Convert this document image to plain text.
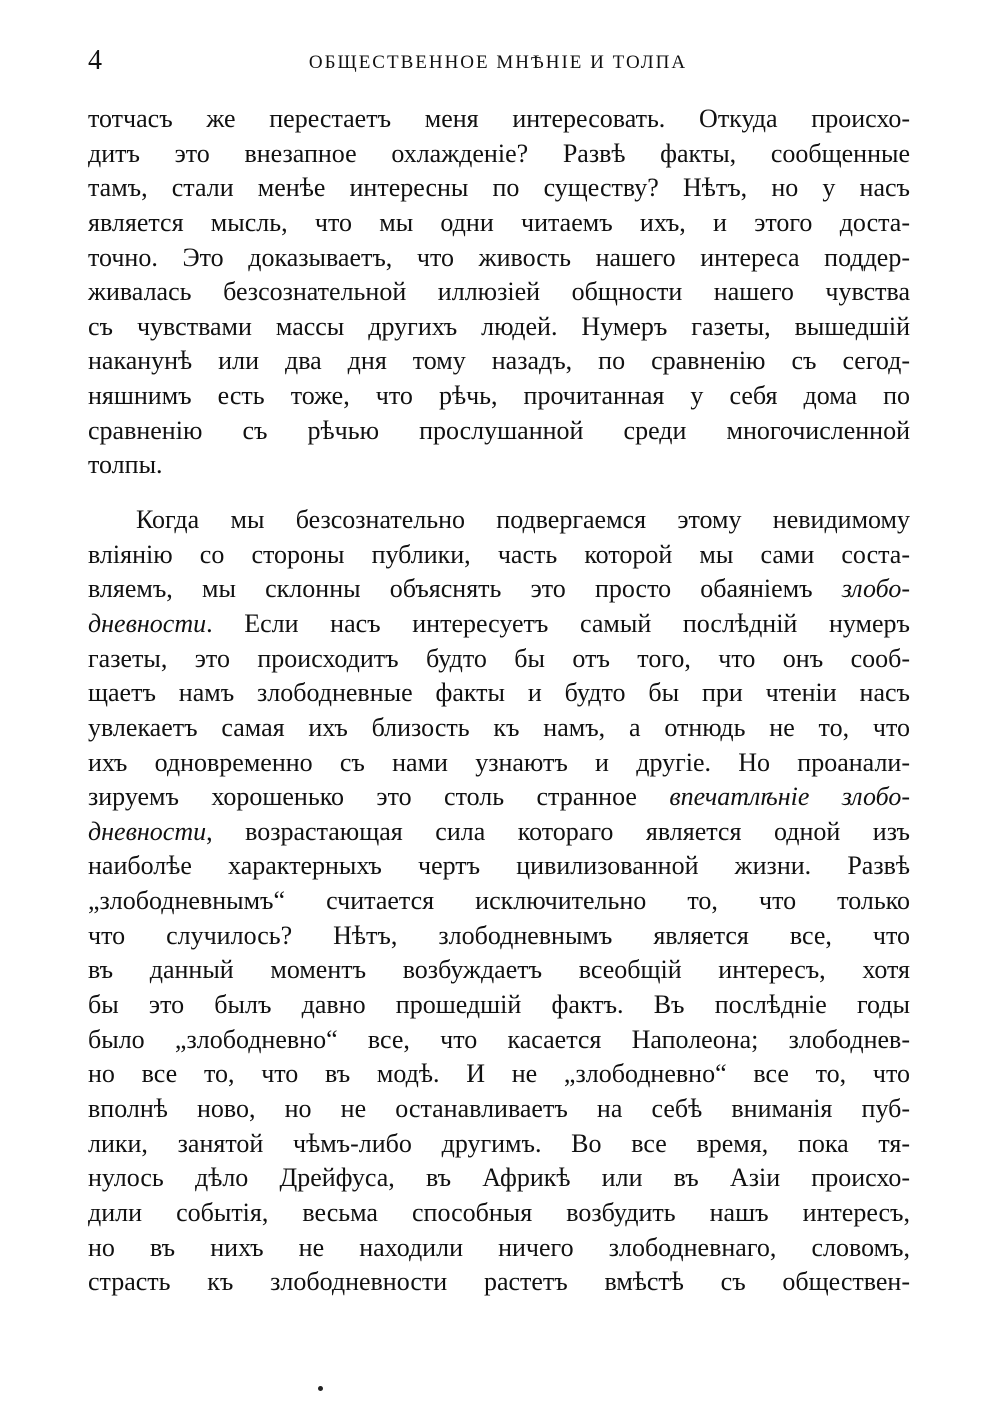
4	ОБЩЕСТВЕННОЕ МНѢНІЕ И ТОЛПА
тотчасъ же перестаетъ меня интересовать. Откуда происхо-
дитъ это внезапное охлажденіе? Развѣ факты, сообщенные
тамъ, стали менѣе интересны по существу? Нѣтъ, но у насъ
является мысль, что мы одни читаемъ ихъ, и этого доста-
точно. Это доказываетъ, что живость нашего интереса поддер-
живалась безсознательной иллюзіей общности нашего чувства
съ чувствами массы другихъ людей. Нумеръ газеты, вышедшій
наканунѣ или два дня тому назадъ, по сравненію съ сегод-
няшнимъ есть тоже, что рѣчь, прочитанная у себя дома по
сравненію съ рѣчью прослушанной среди многочисленной
толпы.
Когда мы безсознательно подвергаемся этому невидимому
вліянію со стороны публики, часть которой мы сами соста-
вляемъ, мы склонны объяснять это просто обаяніемъ злобо-
дневности. Если насъ интересуетъ самый послѣдній нумеръ
газеты, это происходитъ будто бы отъ того, что онъ сооб-
щаетъ намъ злободневные факты и будто бы при чтеніи насъ
увлекаетъ самая ихъ близость къ намъ, а отнюдь не то, что
ихъ одновременно съ нами узнаютъ и другіе. Но проанали-
зируемъ хорошенько это столь странное впечатлѣніе злобо-
дневности, возрастающая сила котораго является одной изъ
наиболѣе характерныхъ чертъ цивилизованной жизни. Развѣ
„злободневнымъ“ считается исключительно то, что только
что случилось? Нѣтъ, злободневнымъ является все, что
въ данный моментъ возбуждаетъ всеобщій интересъ, хотя
бы это былъ давно прошедшій фактъ. Въ послѣдніе годы
было „злободневно“ все, что касается Наполеона; злободнев-
но все то, что въ модѣ. И не „злободневно“ все то, что
вполнѣ ново, но не останавливаетъ на себѣ вниманія пуб-
лики, занятой чѣмъ-либо другимъ. Во все время, пока тя-
нулось дѣло Дрейфуса, въ Африкѣ или въ Азіи происхо-
дили событія, весьма способныя возбудить нашъ интересъ,
но въ нихъ не находили ничего злободневнаго, словомъ,
страсть къ злободневности растетъ вмѣстѣ съ обществен-
